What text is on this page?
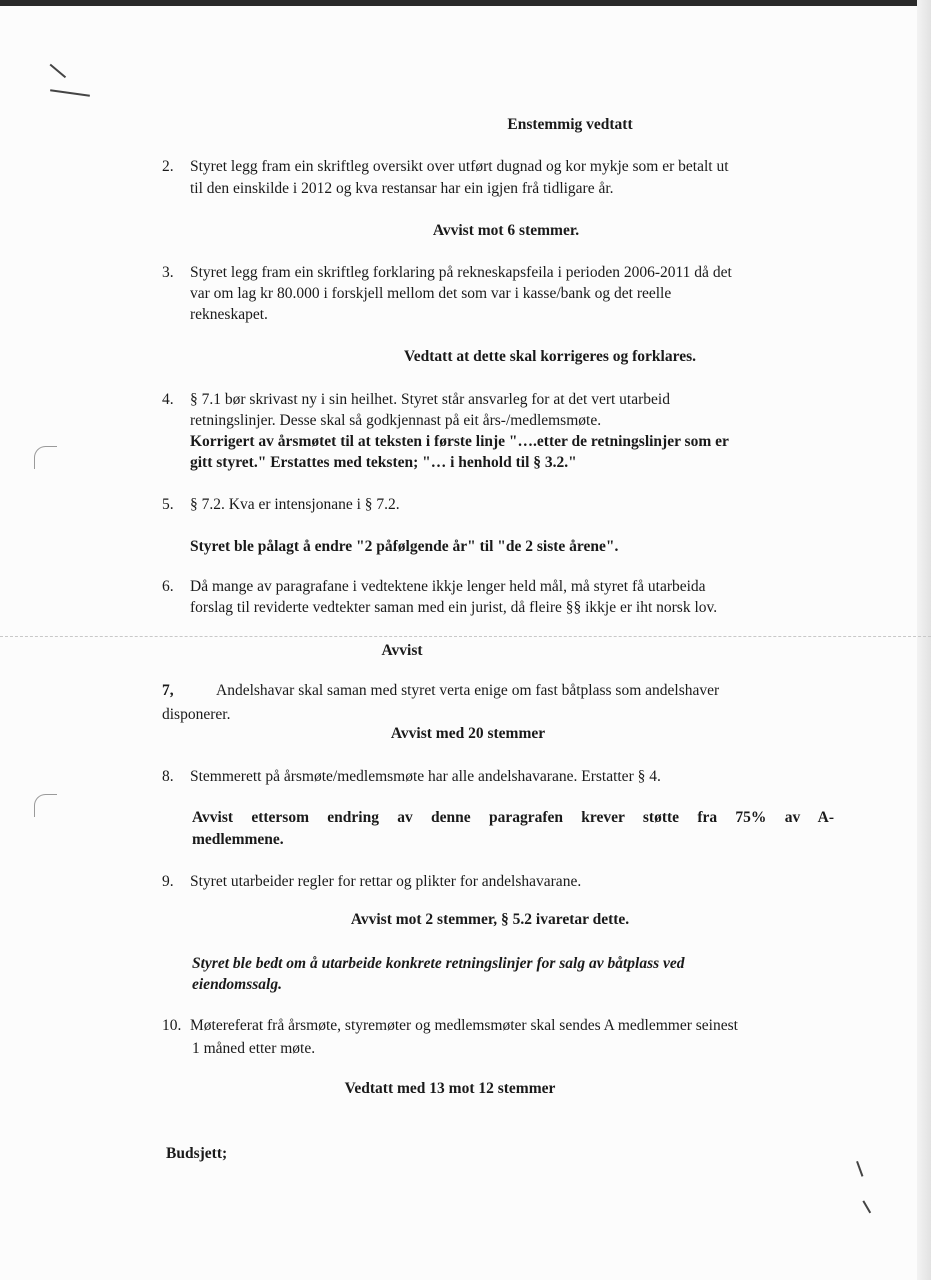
Enstemmig vedtatt
2. Styret legg fram ein skriftleg oversikt over utført dugnad og kor mykje som er betalt ut
til den einskilde i 2012 og kva restansar har ein igjen frå tidligare år.
Avvist mot 6 stemmer.
3. Styret legg fram ein skriftleg forklaring på rekneskapsfeila i perioden 2006-2011 då det
var om lag kr 80.000 i forskjell mellom det som var i kasse/bank og det reelle
rekneskapet.
Vedtatt at dette skal korrigeres og forklares.
4. § 7.1 bør skrivast ny i sin heilhet. Styret står ansvarleg for at det vert utarbeid
retningslinjer. Desse skal så godkjennast på eit års-/medlemsmøte.
Korrigert av årsmøtet til at teksten i første linje "….etter de retningslinjer som er
gitt styret." Erstattes med teksten; "… i henhold til § 3.2."
5. § 7.2. Kva er intensjonane i § 7.2.
Styret ble pålagt å endre "2 påfølgende år" til "de 2 siste årene".
6. Då mange av paragrafane i vedtektene ikkje lenger held mål, må styret få utarbeida
forslag til reviderte vedtekter saman med ein jurist, då fleire §§ ikkje er iht norsk lov.
Avvist
7,	Andelshavar skal saman med styret verta enige om fast båtplass som andelshaver
disponerer.
Avvist med 20 stemmer
8. Stemmerett på årsmøte/medlemsmøte har alle andelshavarane. Erstatter § 4.
Avvist ettersom endring av denne paragrafen krever støtte fra 75% av A-
medlemmene.
9. Styret utarbeider regler for rettar og plikter for andelshavarane.
Avvist mot 2 stemmer, § 5.2 ivaretar dette.
Styret ble bedt om å utarbeide konkrete retningslinjer for salg av båtplass ved
eiendomssalg.
10. Møtereferat frå årsmøte, styremøter og medlemsmøter skal sendes A medlemmer seinest
1 måned etter møte.
Vedtatt med 13 mot 12 stemmer
Budsjett;
